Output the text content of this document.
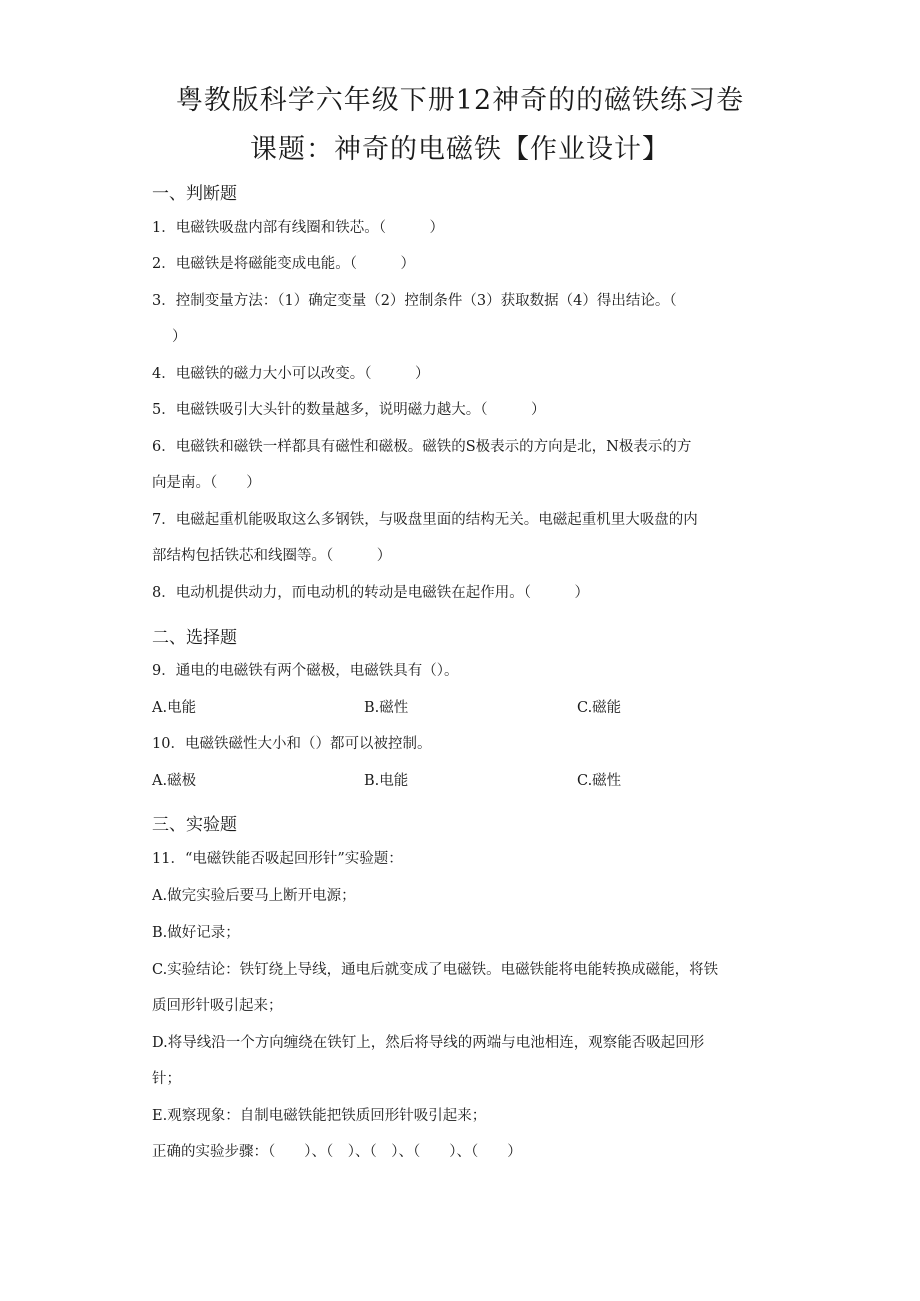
粤教版科学六年级下册12神奇的的磁铁练习卷
课题：神奇的电磁铁【作业设计】
一、判断题
1．电磁铁吸盘内部有线圈和铁芯。（　　　）
2．电磁铁是将磁能变成电能。（　　　）
3．控制变量方法：（1）确定变量（2）控制条件（3）获取数据（4）得出结论。（
）
4．电磁铁的磁力大小可以改变。（　　　）
5．电磁铁吸引大头针的数量越多，说明磁力越大。（　　　）
6．电磁铁和磁铁一样都具有磁性和磁极。磁铁的S极表示的方向是北，N极表示的方
向是南。（　　）
7．电磁起重机能吸取这么多钢铁，与吸盘里面的结构无关。电磁起重机里大吸盘的内
部结构包括铁芯和线圈等。（　　　）
8．电动机提供动力，而电动机的转动是电磁铁在起作用。（　　　）
二、选择题
9．通电的电磁铁有两个磁极，电磁铁具有（）。
A.电能	B.磁性	C.磁能
10．电磁铁磁性大小和（）都可以被控制。
A.磁极	B.电能	C.磁性
三、实验题
11．“电磁铁能否吸起回形针”实验题：
A.做完实验后要马上断开电源；
B.做好记录；
C.实验结论：铁钉绕上导线，通电后就变成了电磁铁。电磁铁能将电能转换成磁能，将铁
质回形针吸引起来；
D.将导线沿一个方向缠绕在铁钉上，然后将导线的两端与电池相连，观察能否吸起回形
针；
E.观察现象：自制电磁铁能把铁质回形针吸引起来；
正确的实验步骤：（　　）、（　）、（　）、（　　）、（　　）
